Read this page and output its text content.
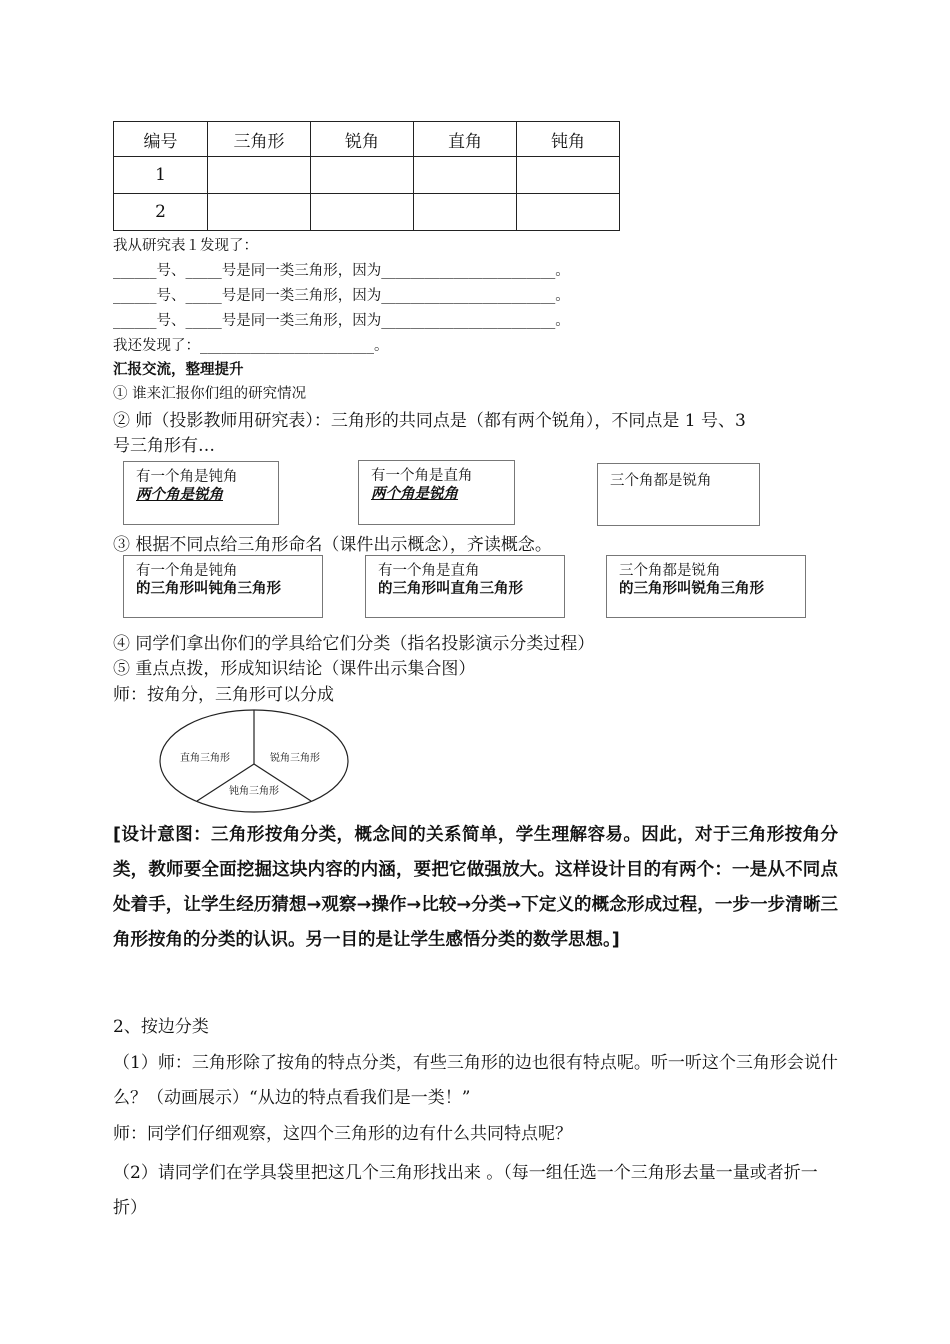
编号	三角形	锐角	直角	钝角
1				
2				
我从研究表１发现了：
______号、_____号是同一类三角形，因为________________________。
______号、_____号是同一类三角形，因为________________________。
______号、_____号是同一类三角形，因为________________________。
我还发现了：________________________。
汇报交流，整理提升
① 谁来汇报你们组的研究情况
② 师（投影教师用研究表）：三角形的共同点是（都有两个锐角），不同点是 1 号、3
号三角形有…
有一个角是钝角
两个角是锐角
有一个角是直角
两个角是锐角
三个角都是锐角
③ 根据不同点给三角形命名（课件出示概念），齐读概念。
有一个角是钝角
的三角形叫钝角三角形
有一个角是直角
的三角形叫直角三角形
三个角都是锐角
的三角形叫锐角三角形
④ 同学们拿出你们的学具给它们分类（指名投影演示分类过程）
⑤ 重点点拨，形成知识结论（课件出示集合图）
师：按角分，三角形可以分成
直角三角形	锐角三角形
钝角三角形
[设计意图：三角形按角分类，概念间的关系简单，学生理解容易。因此，对于三角形按角分类，教师要全面挖掘这块内容的内涵，要把它做强放大。这样设计目的有两个：一是从不同点处着手，让学生经历猜想→观察→操作→比较→分类→下定义的概念形成过程，一步一步清晰三角形按角的分类的认识。另一目的是让学生感悟分类的数学思想。]
2、按边分类
（1）师：三角形除了按角的特点分类，有些三角形的边也很有特点呢。听一听这个三角形会说什么？（动画展示）“从边的特点看我们是一类！”
师：同学们仔细观察，这四个三角形的边有什么共同特点呢？
（2）请同学们在学具袋里把这几个三角形找出来 。（每一组任选一个三角形去量一量或者折一折）
